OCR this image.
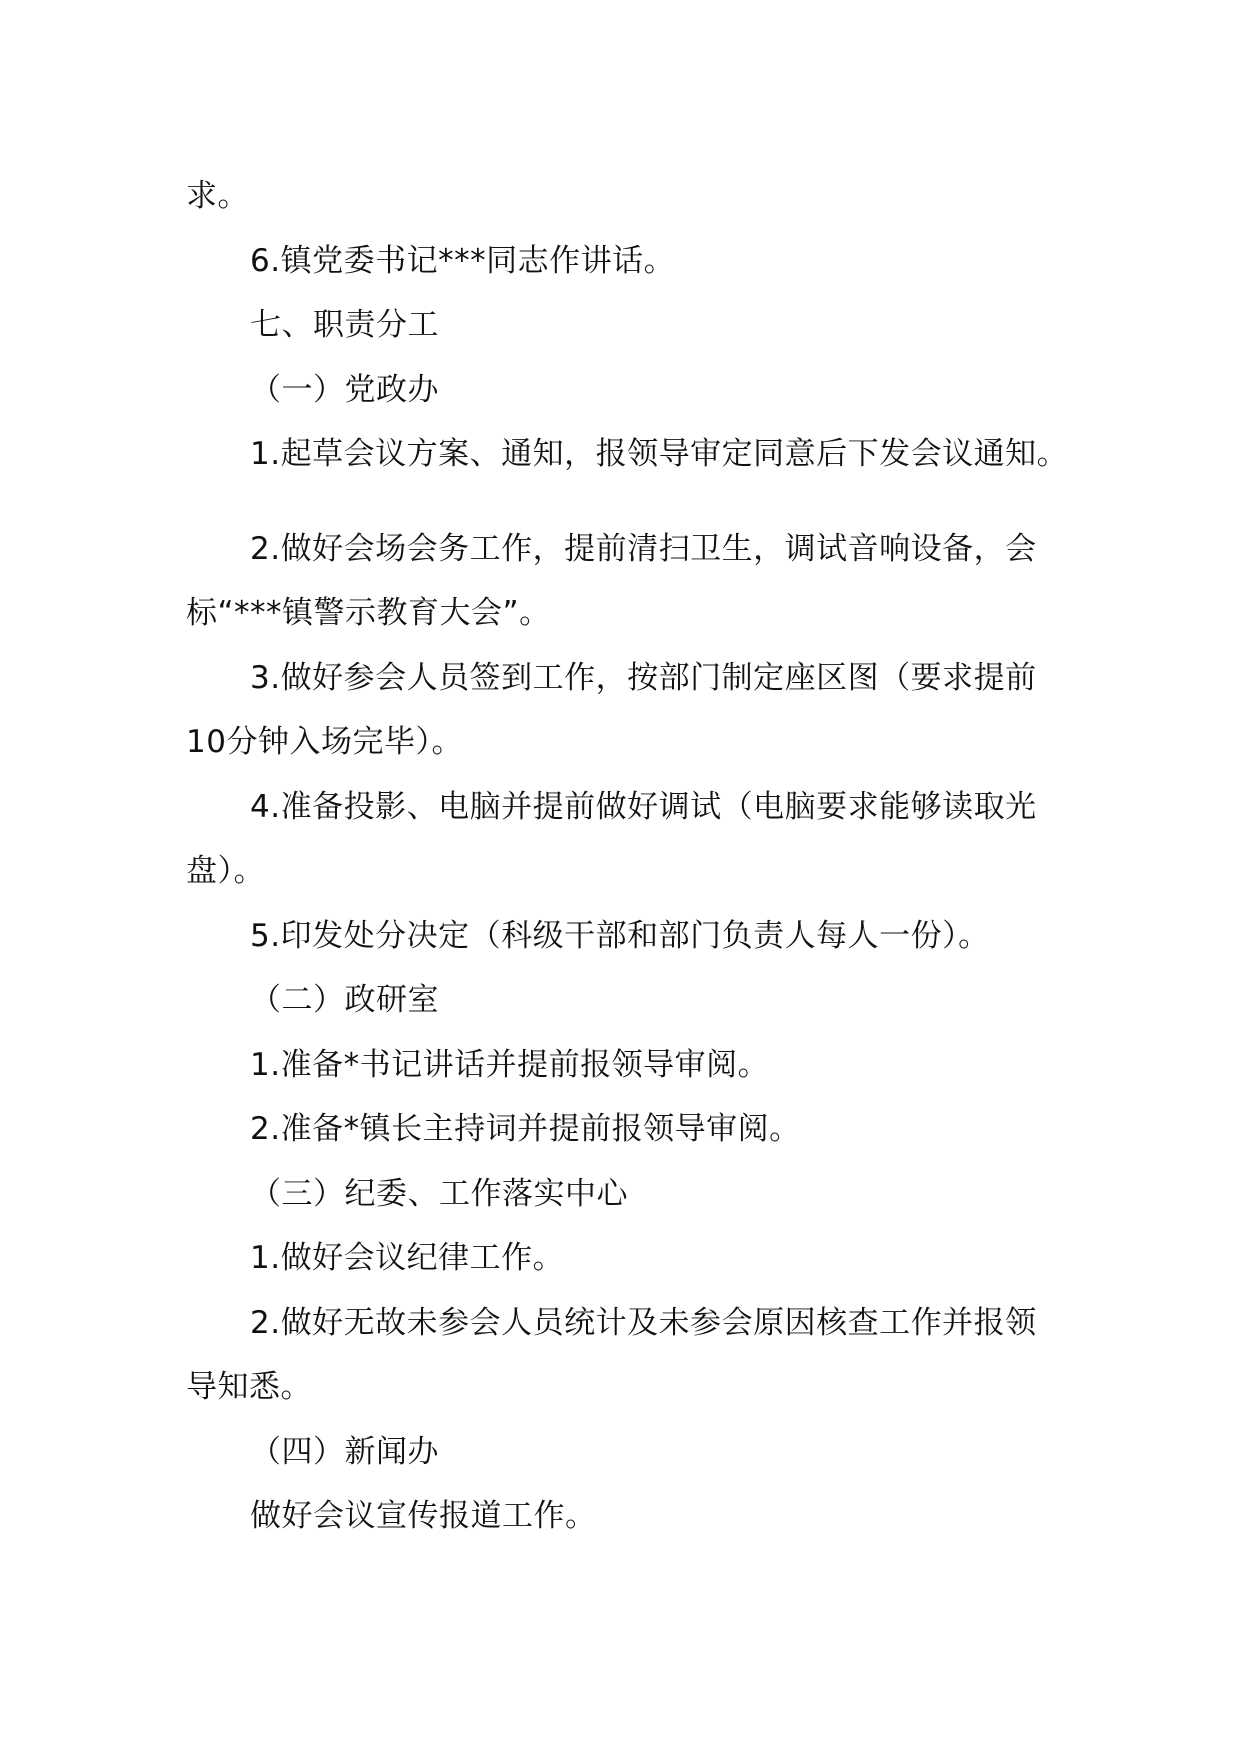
求。
6.镇党委书记***同志作讲话。
七、职责分工
（一）党政办
1.起草会议方案、通知，报领导审定同意后下发会议通知。
2.做好会场会务工作，提前清扫卫生，调试音响设备，会
标“***镇警示教育大会”。
3.做好参会人员签到工作，按部门制定座区图（要求提前
10分钟入场完毕）。
4.准备投影、电脑并提前做好调试（电脑要求能够读取光
盘）。
5.印发处分决定（科级干部和部门负责人每人一份）。
（二）政研室
1.准备*书记讲话并提前报领导审阅。
2.准备*镇长主持词并提前报领导审阅。
（三）纪委、工作落实中心
1.做好会议纪律工作。
2.做好无故未参会人员统计及未参会原因核查工作并报领
导知悉。
（四）新闻办
做好会议宣传报道工作。
